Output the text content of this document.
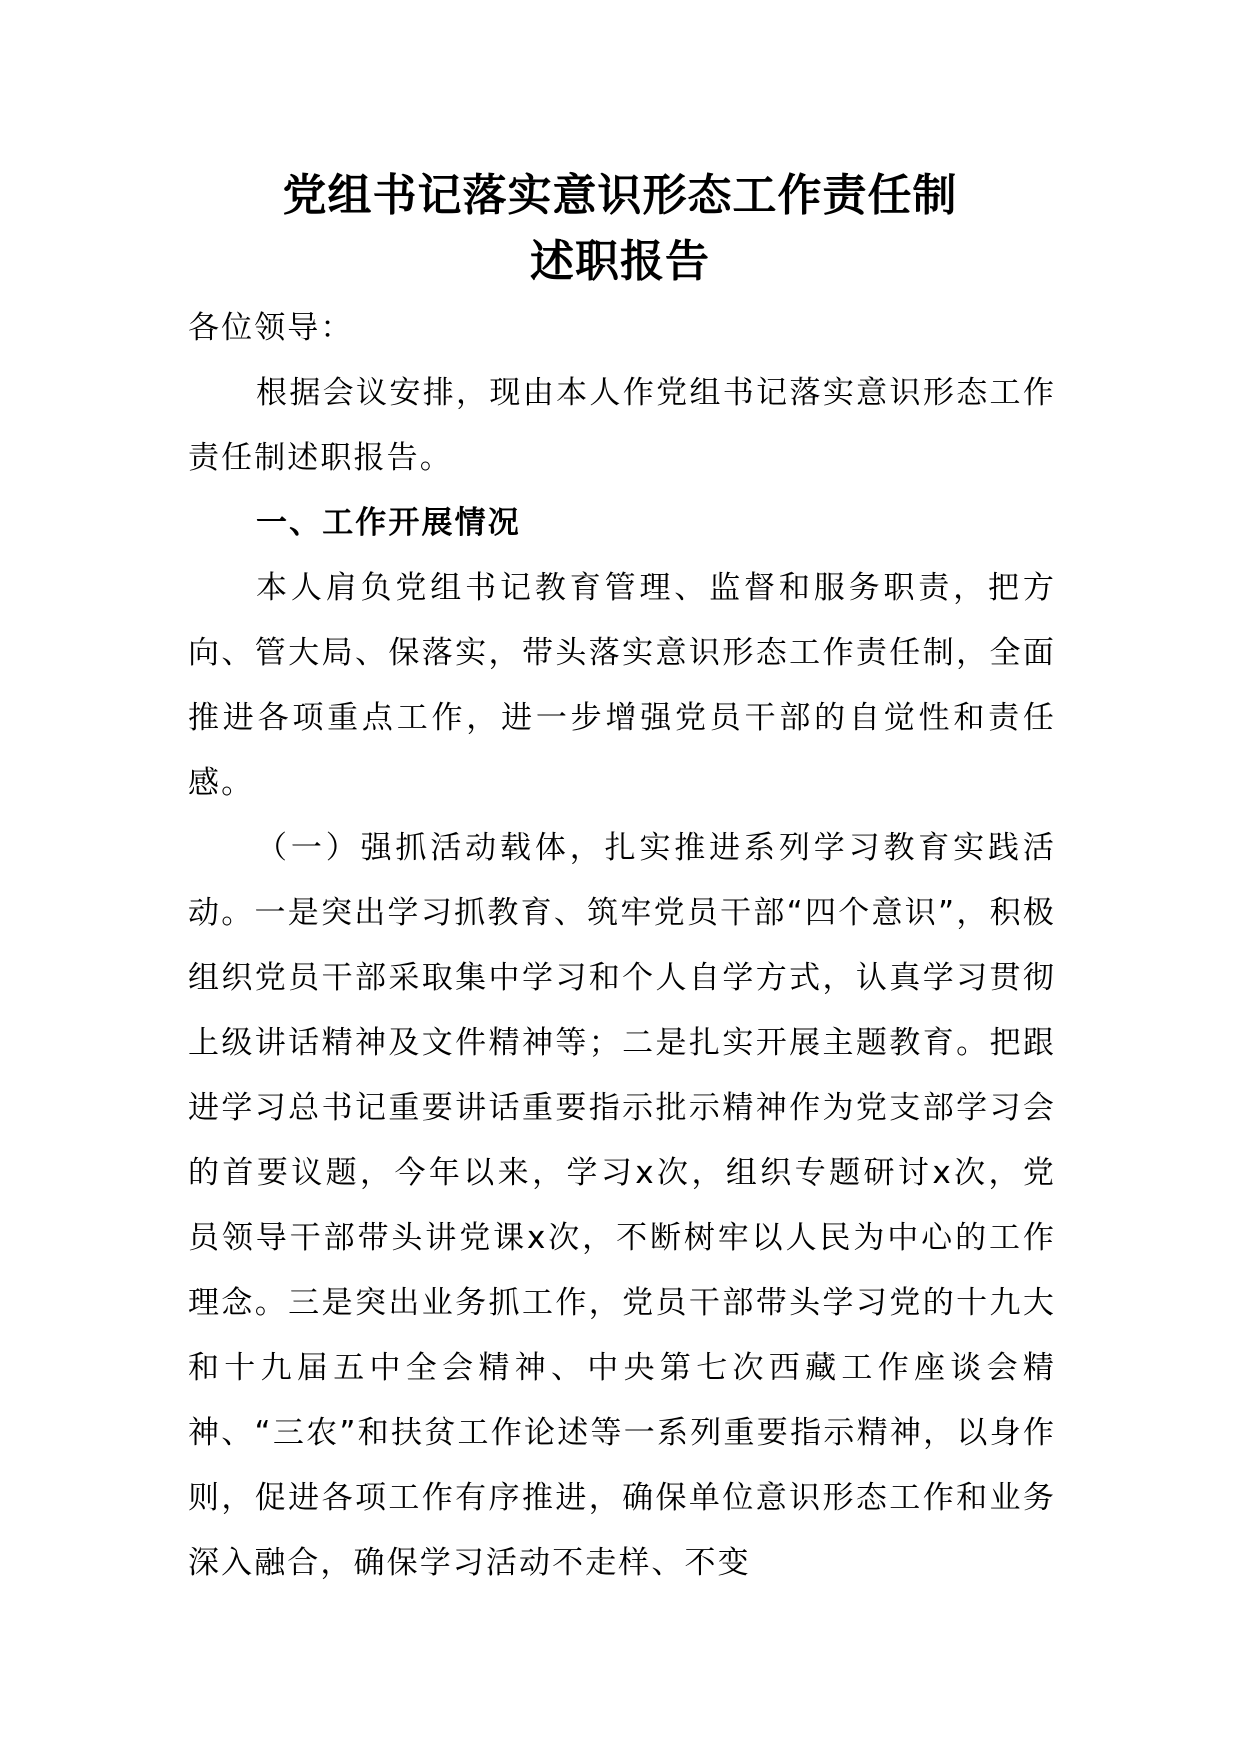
党组书记落实意识形态工作责任制
述职报告

各位领导：

根据会议安排，现由本人作党组书记落实意识形态工作责任制述职报告。

一、工作开展情况

本人肩负党组书记教育管理、监督和服务职责，把方向、管大局、保落实，带头落实意识形态工作责任制，全面推进各项重点工作，进一步增强党员干部的自觉性和责任感。

（一）强抓活动载体，扎实推进系列学习教育实践活动。一是突出学习抓教育、筑牢党员干部“四个意识”，积极组织党员干部采取集中学习和个人自学方式，认真学习贯彻上级讲话精神及文件精神等；二是扎实开展主题教育。把跟进学习总书记重要讲话重要指示批示精神作为党支部学习会的首要议题，今年以来，学习x次，组织专题研讨x次，党员领导干部带头讲党课x次，不断树牢以人民为中心的工作理念。三是突出业务抓工作，党员干部带头学习党的十九大和十九届五中全会精神、中央第七次西藏工作座谈会精神、“三农”和扶贫工作论述等一系列重要指示精神，以身作则，促进各项工作有序推进，确保单位意识形态工作和业务深入融合，确保学习活动不走样、不变
